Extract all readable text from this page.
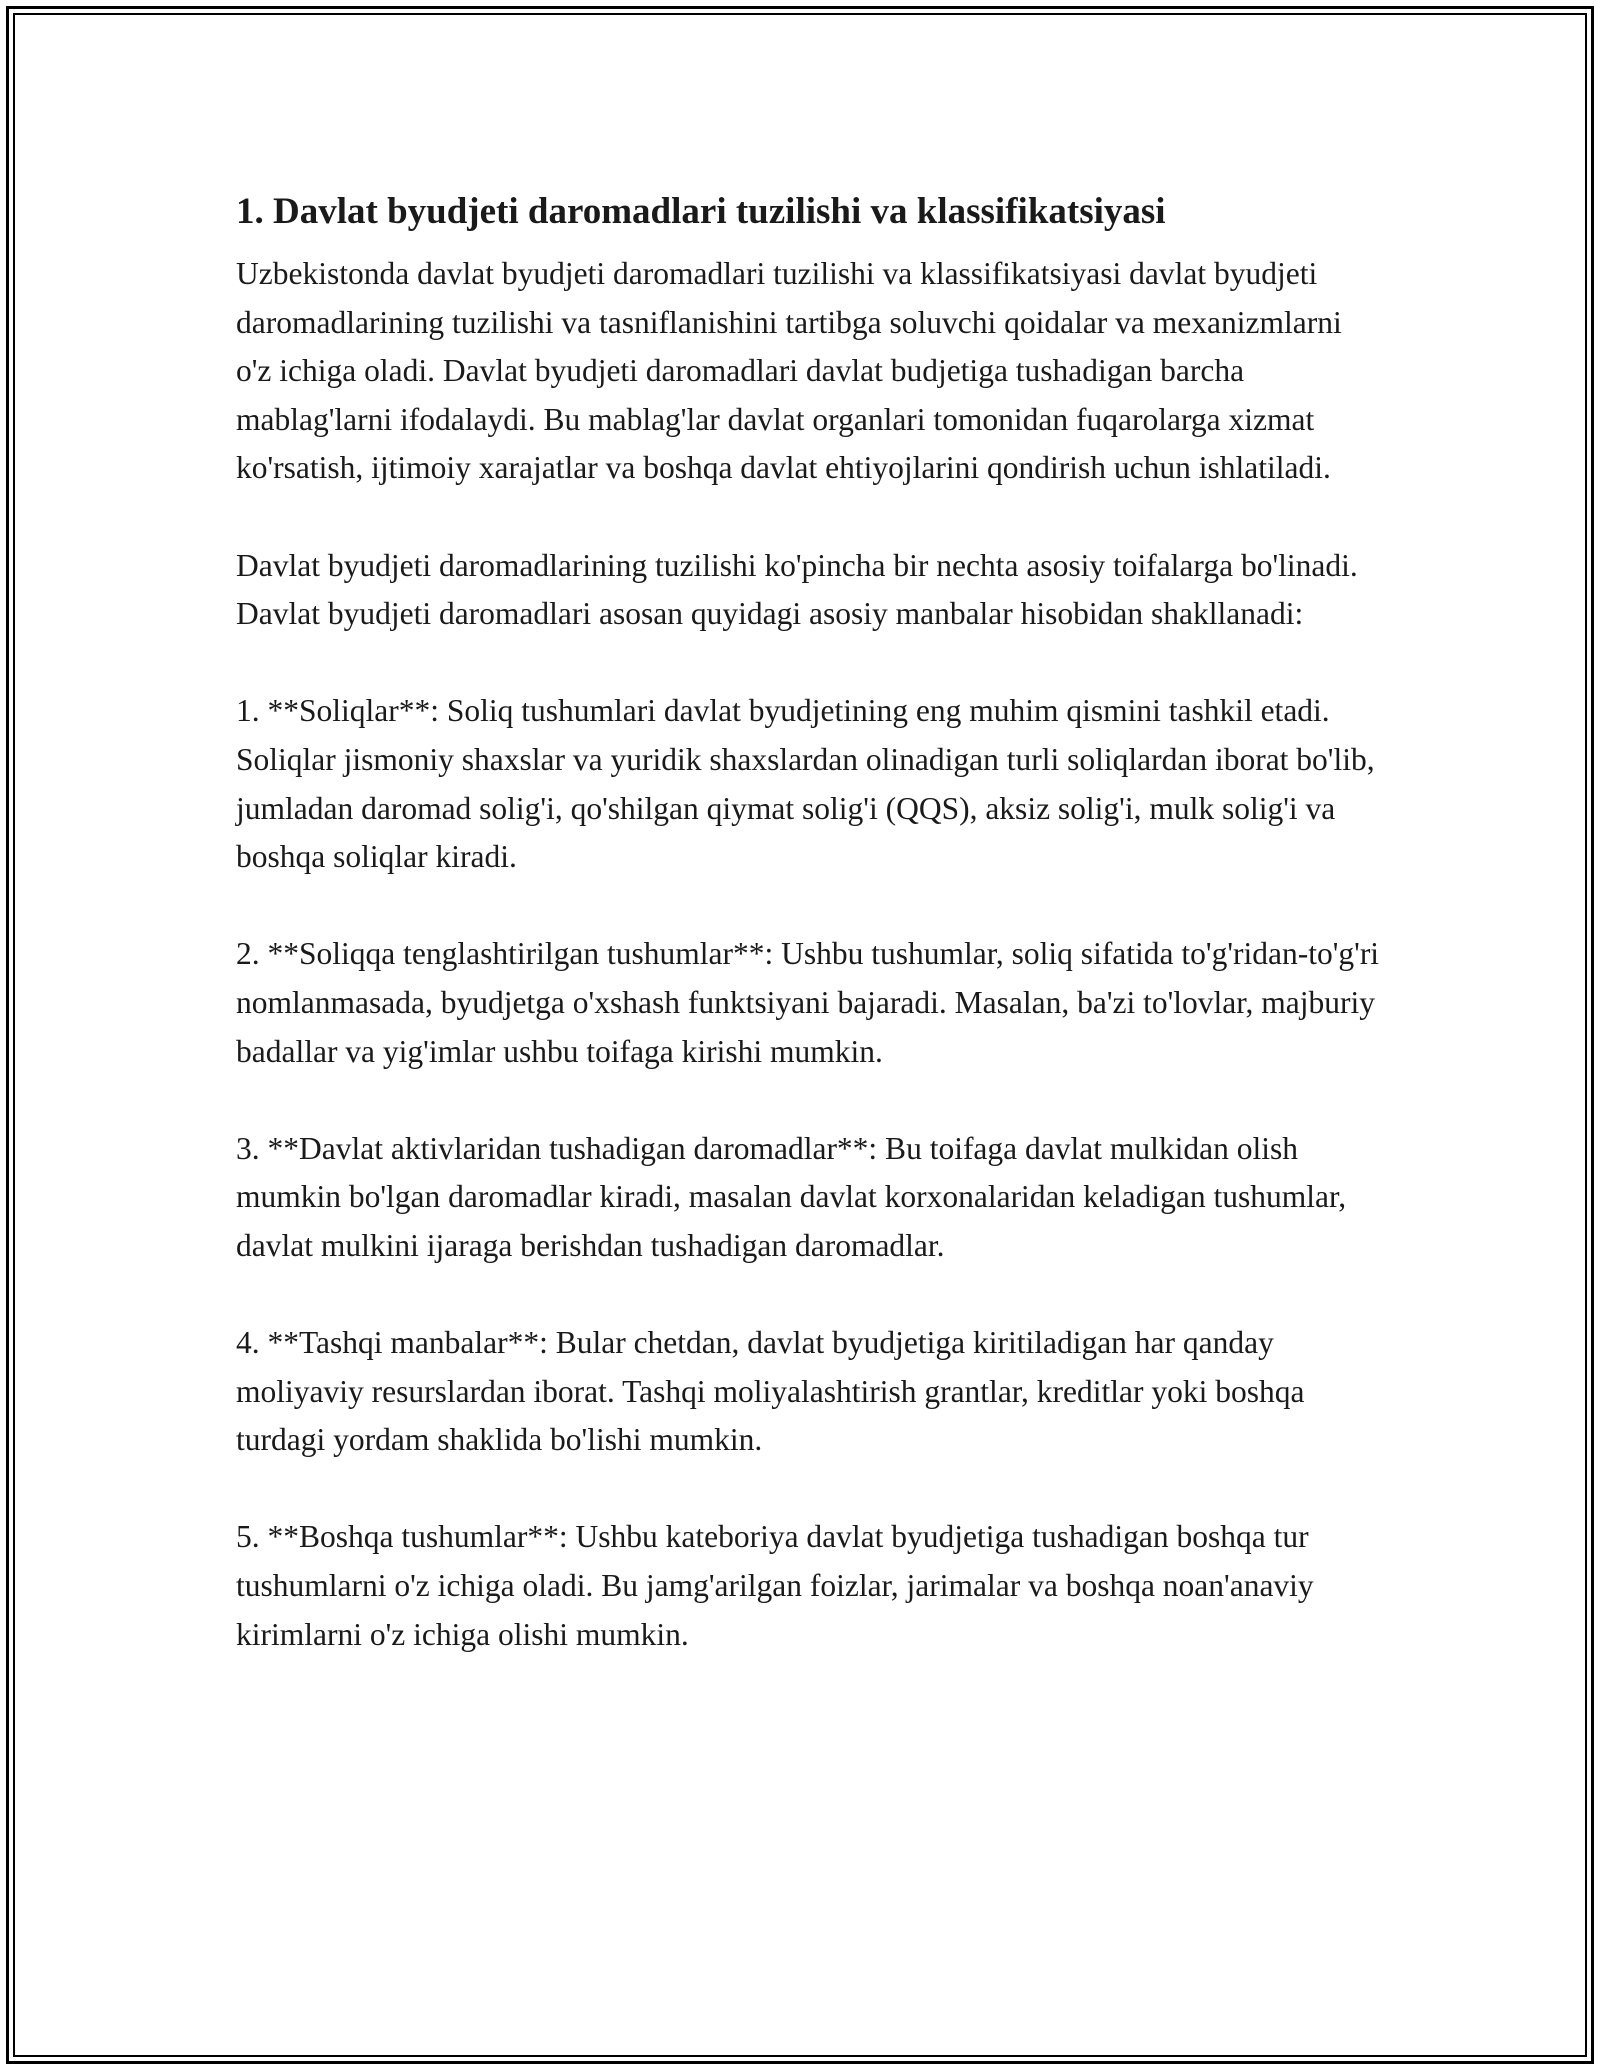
1. Davlat byudjeti daromadlari tuzilishi va klassifikatsiyasi

Uzbekistonda davlat byudjeti daromadlari tuzilishi va klassifikatsiyasi davlat byudjeti daromadlarining tuzilishi va tasniflanishini tartibga soluvchi qoidalar va mexanizmlarni o'z ichiga oladi. Davlat byudjeti daromadlari davlat budjetiga tushadigan barcha mablag'larni ifodalaydi. Bu mablag'lar davlat organlari tomonidan fuqarolarga xizmat ko'rsatish, ijtimoiy xarajatlar va boshqa davlat ehtiyojlarini qondirish uchun ishlatiladi.

Davlat byudjeti daromadlarining tuzilishi ko'pincha bir nechta asosiy toifalarga bo'linadi. Davlat byudjeti daromadlari asosan quyidagi asosiy manbalar hisobidan shakllanadi:

1. **Soliqlar**: Soliq tushumlari davlat byudjetining eng muhim qismini tashkil etadi. Soliqlar jismoniy shaxslar va yuridik shaxslardan olinadigan turli soliqlardan iborat bo'lib, jumladan daromad solig'i, qo'shilgan qiymat solig'i (QQS), aksiz solig'i, mulk solig'i va boshqa soliqlar kiradi.

2. **Soliqqa tenglashtirilgan tushumlar**: Ushbu tushumlar, soliq sifatida to'g'ridan-to'g'ri nomlanmasada, byudjetga o'xshash funktsiyani bajaradi. Masalan, ba'zi to'lovlar, majburiy badallar va yig'imlar ushbu toifaga kirishi mumkin.

3. **Davlat aktivlaridan tushadigan daromadlar**: Bu toifaga davlat mulkidan olish mumkin bo'lgan daromadlar kiradi, masalan davlat korxonalaridan keladigan tushumlar, davlat mulkini ijaraga berishdan tushadigan daromadlar.

4. **Tashqi manbalar**: Bular chetdan, davlat byudjetiga kiritiladigan har qanday moliyaviy resurslardan iborat. Tashqi moliyalashtirish grantlar, kreditlar yoki boshqa turdagi yordam shaklida bo'lishi mumkin.

5. **Boshqa tushumlar**: Ushbu kateboriya davlat byudjetiga tushadigan boshqa tur tushumlarni o'z ichiga oladi. Bu jamg'arilgan foizlar, jarimalar va boshqa noan'anaviy kirimlarni o'z ichiga olishi mumkin.
